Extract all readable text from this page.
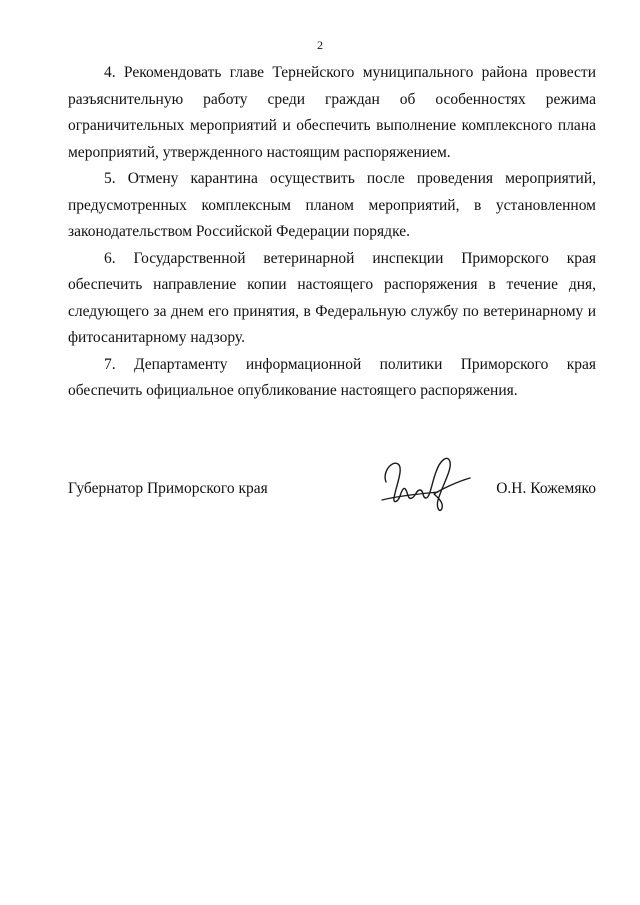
2

4. Рекомендовать главе Тернейского муниципального района провести разъяснительную работу среди граждан об особенностях режима ограничительных мероприятий и обеспечить выполнение комплексного плана мероприятий, утвержденного настоящим распоряжением.

5. Отмену карантина осуществить после проведения мероприятий, предусмотренных комплексным планом мероприятий, в установленном законодательством Российской Федерации порядке.

6. Государственной ветеринарной инспекции Приморского края обеспечить направление копии настоящего распоряжения в течение дня, следующего за днем его принятия, в Федеральную службу по ветеринарному и фитосанитарному надзору.

7. Департаменту информационной политики Приморского края обеспечить официальное опубликование настоящего распоряжения.

Губернатор Приморского края	О.Н. Кожемяко
